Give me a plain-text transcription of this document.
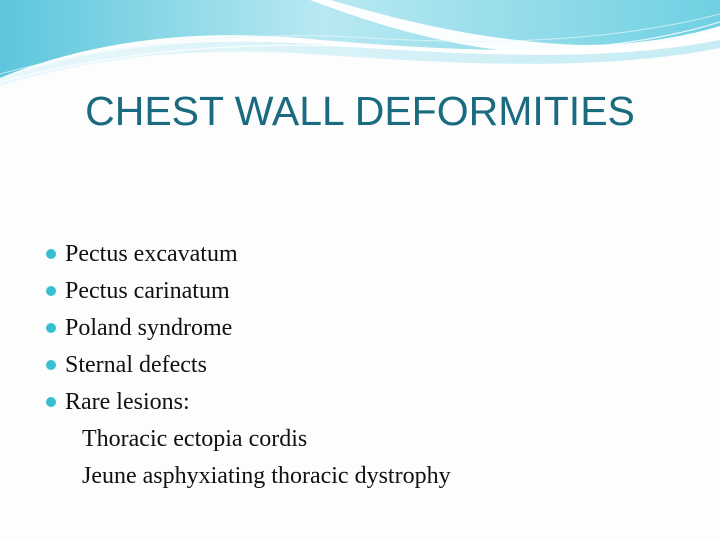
CHEST WALL DEFORMITIES
Pectus excavatum
Pectus carinatum
Poland syndrome
Sternal defects
Rare lesions:
Thoracic ectopia cordis
Jeune asphyxiating thoracic dystrophy
